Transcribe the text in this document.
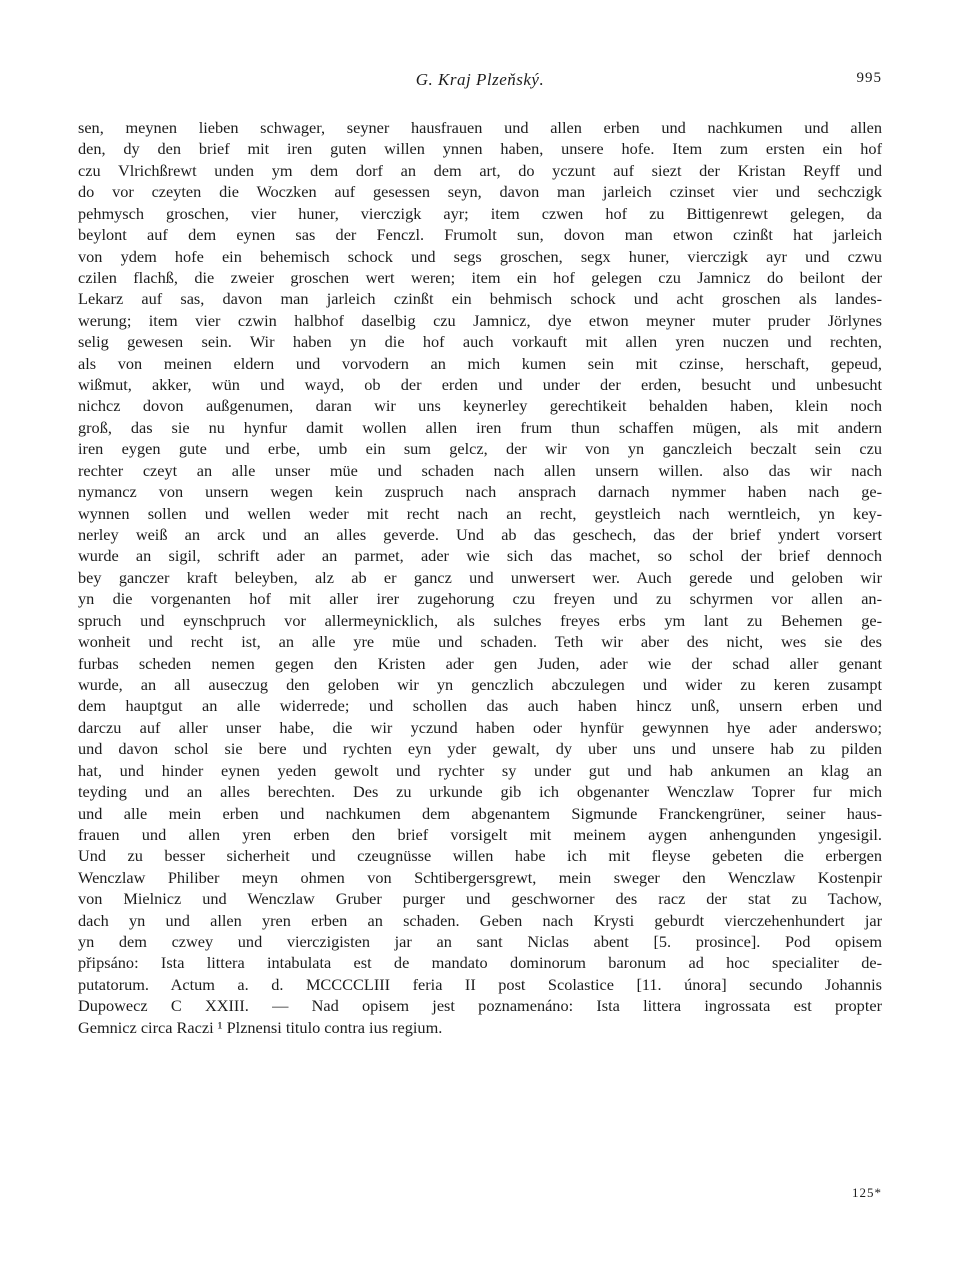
G. Kraj Plzeňský.	995
sen, meynen lieben schwager, seyner hausfrauen und allen erben und nachkumen und allen
den, dy den brief mit iren guten willen ynnen haben, unsere hofe. Item zum ersten ein hof
czu Vlrichßrewt unden ym dem dorf an dem art, do yczunt auf siezt der Kristan Reyff und
do vor czeyten die Woczken auf gesessen seyn, davon man jarleich czinset vier und sechczigk
pehmysch groschen, vier huner, vierczigk ayr; item czwen hof zu Bittigenrewt gelegen, da
beylont auf dem eynen sas der Fenczl. Frumolt sun, dovon man etwon czinßt hat jarleich
von ydem hofe ein behemisch schock und segs groschen, segx huner, vierczigk ayr und czwu
czilen flachß, die zweier groschen wert weren; item ein hof gelegen czu Jamnicz do beilont der
Lekarz auf sas, davon man jarleich czinßt ein behmisch schock und acht groschen als landes-
werung; item vier czwin halbhof daselbig czu Jamnicz, dye etwon meyner muter pruder Jörlynes
selig gewesen sein. Wir haben yn die hof auch vorkauft mit allen yren nuczen und rechten,
als von meinen eldern und vorvodern an mich kumen sein mit czinse, herschaft, gepeud,
wißmut, akker, wün und wayd, ob der erden und under der erden, besucht und unbesucht
nichcz dovon außgenumen, daran wir uns keynerley gerechtikeit behalden haben, klein noch
groß, das sie nu hynfur damit wollen allen iren frum thun schaffen mügen, als mit andern
iren eygen gute und erbe, umb ein sum gelcz, der wir von yn ganczleich beczalt sein czu
rechter czeyt an alle unser müe und schaden nach allen unsern willen. also das wir nach
nymancz von unsern wegen kein zuspruch nach ansprach darnach nymmer haben nach ge-
wynnen sollen und wellen weder mit recht nach an recht, geystleich nach werntleich, yn key-
nerley weiß an arck und an alles geverde. Und ab das geschech, das der brief yndert vorsert
wurde an sigil, schrift ader an parmet, ader wie sich das machet, so schol der brief dennoch
bey ganczer kraft beleyben, alz ab er gancz und unwersert wer. Auch gerede und geloben wir
yn die vorgenanten hof mit aller irer zugehorung czu freyen und zu schyrmen vor allen an-
spruch und eynschpruch vor allermeynicklich, als sulches freyes erbs ym lant zu Behemen ge-
wonheit und recht ist, an alle yre müe und schaden. Teth wir aber des nicht, wes sie des
furbas scheden nemen gegen den Kristen ader gen Juden, ader wie der schad aller genant
wurde, an all auseczug den geloben wir yn genczlich abczulegen und wider zu keren zusampt
dem hauptgut an alle widerrede; und schollen das auch haben hincz unß, unsern erben und
darczu auf aller unser habe, die wir yczund haben oder hynfür gewynnen hye ader anderswo;
und davon schol sie bere und rychten eyn yder gewalt, dy uber uns und unsere hab zu pilden
hat, und hinder eynen yeden gewolt und rychter sy under gut und hab ankumen an klag an
teyding und an alles berechten. Des zu urkunde gib ich obgenanter Wenczlaw Toprer fur mich
und alle mein erben und nachkumen dem abgenantem Sigmunde Franckengrüner, seiner haus-
frauen und allen yren erben den brief vorsigelt mit meinem aygen anhengunden yngesigil.
Und zu besser sicherheit und czeugnüsse willen habe ich mit fleyse gebeten die erbergen
Wenczlaw Philiber meyn ohmen von Schtibergersgrewt, mein sweger den Wenczlaw Kostenpir
von Mielnicz und Wenczlaw Gruber purger und geschworner des racz der stat zu Tachow,
dach yn und allen yren erben an schaden. Geben nach Krysti geburdt vierczehenhundert jar
yn dem czwey und vierczigisten jar an sant Niclas abent [5. prosince]. Pod opisem
připsáno: Ista littera intabulata est de mandato dominorum baronum ad hoc specialiter de-
putatorum. Actum a. d. MCCCCLIII feria II post Scolastice [11. února] secundo Johannis
Dupowecz C XXIII. — Nad opisem jest poznamenáno: Ista littera ingrossata est propter
Gemnicz circa Raczi ¹ Plznensi titulo contra ius regium.
125*
